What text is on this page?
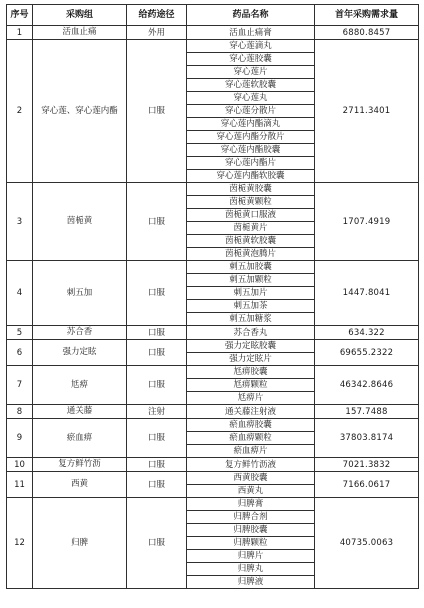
序号	采购组	给药途径	药品名称	首年采购需求量
1	活血止痛	外用	活血止痛膏	6880.8457
2	穿心莲、穿心莲内酯	口服	穿心莲滴丸	2711.3401
			穿心莲胶囊	
			穿心莲片	
			穿心莲软胶囊	
			穿心莲丸	
			穿心莲分散片	
			穿心莲内酯滴丸	
			穿心莲内酯分散片	
			穿心莲内酯胶囊	
			穿心莲内酯片	
			穿心莲内酯软胶囊	
3	茵栀黄	口服	茵栀黄胶囊	1707.4919
			茵栀黄颗粒	
			茵栀黄口服液	
			茵栀黄片	
			茵栀黄软胶囊	
			茵栀黄泡腾片	
4	刺五加	口服	刺五加胶囊	1447.8041
			刺五加颗粒	
			刺五加片	
			刺五加茶	
			刺五加糖浆	
5	苏合香	口服	苏合香丸	634.322
6	强力定眩	口服	强力定眩胶囊	69655.2322
			强力定眩片	
7	尪痹	口服	尪痹胶囊	46342.8646
			尪痹颗粒	
			尪痹片	
8	通关藤	注射	通关藤注射液	157.7488
9	瘀血痹	口服	瘀血痹胶囊	37803.8174
			瘀血痹颗粒	
			瘀血痹片	
10	复方鲜竹沥	口服	复方鲜竹沥液	7021.3832
11	西黄	口服	西黄胶囊	7166.0617
			西黄丸	
12	归脾	口服	归脾膏	40735.0063
			归脾合剂	
			归脾胶囊	
			归脾颗粒	
			归脾片	
			归脾丸	
			归脾液	
